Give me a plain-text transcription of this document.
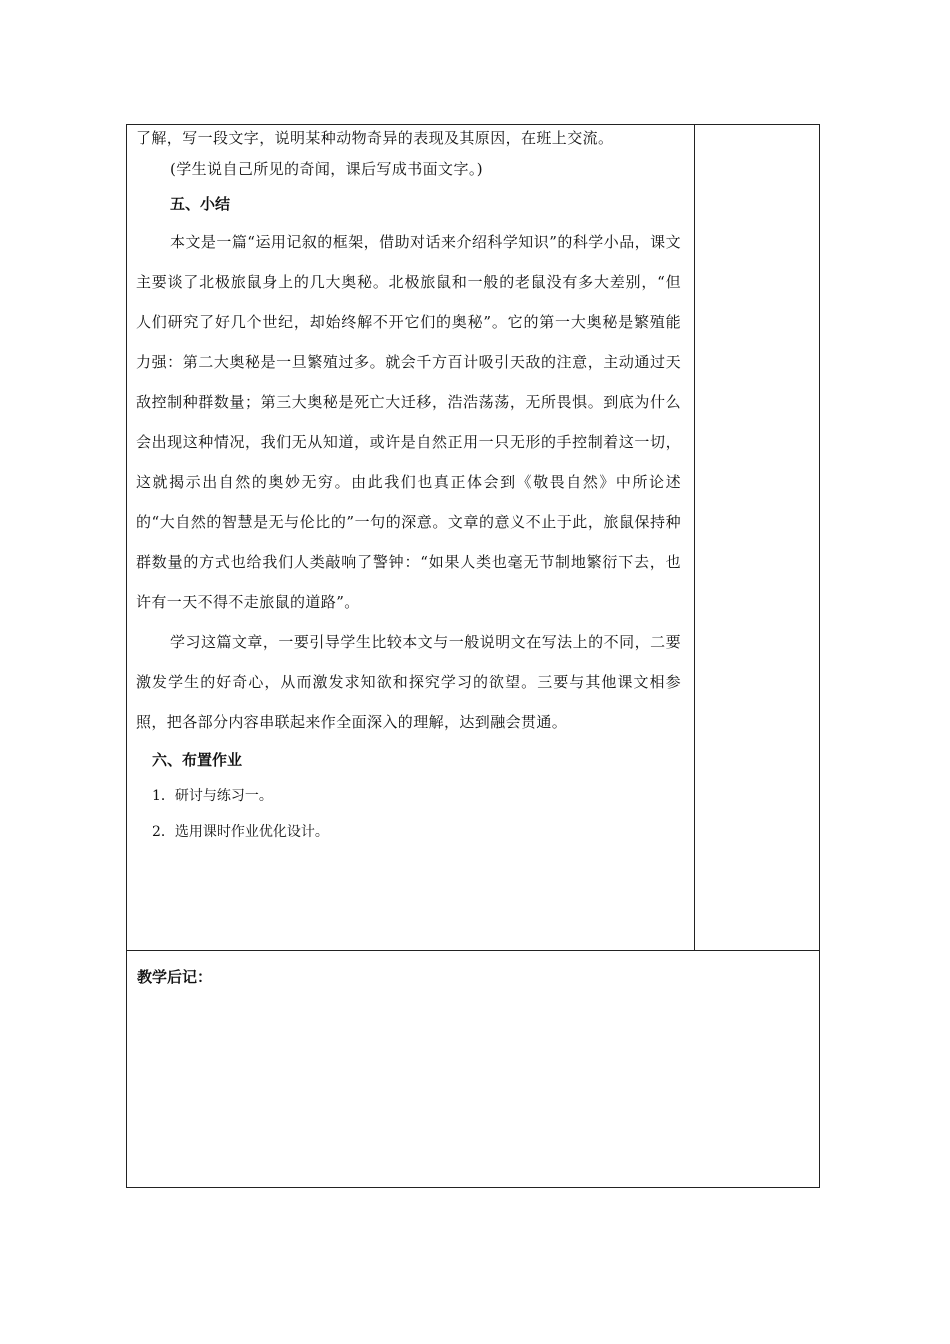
了解，写一段文字，说明某种动物奇异的表现及其原因，在班上交流。

(学生说自己所见的奇闻，课后写成书面文字。)

五、小结

本文是一篇“运用记叙的框架，借助对话来介绍科学知识”的科学小品，课文主要谈了北极旅鼠身上的几大奥秘。北极旅鼠和一般的老鼠没有多大差别，“但人们研究了好几个世纪，却始终解不开它们的奥秘”。它的第一大奥秘是繁殖能力强：第二大奥秘是一旦繁殖过多。就会千方百计吸引天敌的注意，主动通过天敌控制种群数量；第三大奥秘是死亡大迁移，浩浩荡荡，无所畏惧。到底为什么会出现这种情况，我们无从知道，或许是自然正用一只无形的手控制着这一切，这就揭示出自然的奥妙无穷。由此我们也真正体会到《敬畏自然》中所论述的“大自然的智慧是无与伦比的”一句的深意。文章的意义不止于此，旅鼠保持种群数量的方式也给我们人类敲响了警钟：“如果人类也毫无节制地繁衍下去，也许有一天不得不走旅鼠的道路”。

学习这篇文章，一要引导学生比较本文与一般说明文在写法上的不同，二要激发学生的好奇心，从而激发求知欲和探究学习的欲望。三要与其他课文相参照，把各部分内容串联起来作全面深入的理解，达到融会贯通。

六、布置作业

1．研讨与练习一。

2．选用课时作业优化设计。

教学后记：
